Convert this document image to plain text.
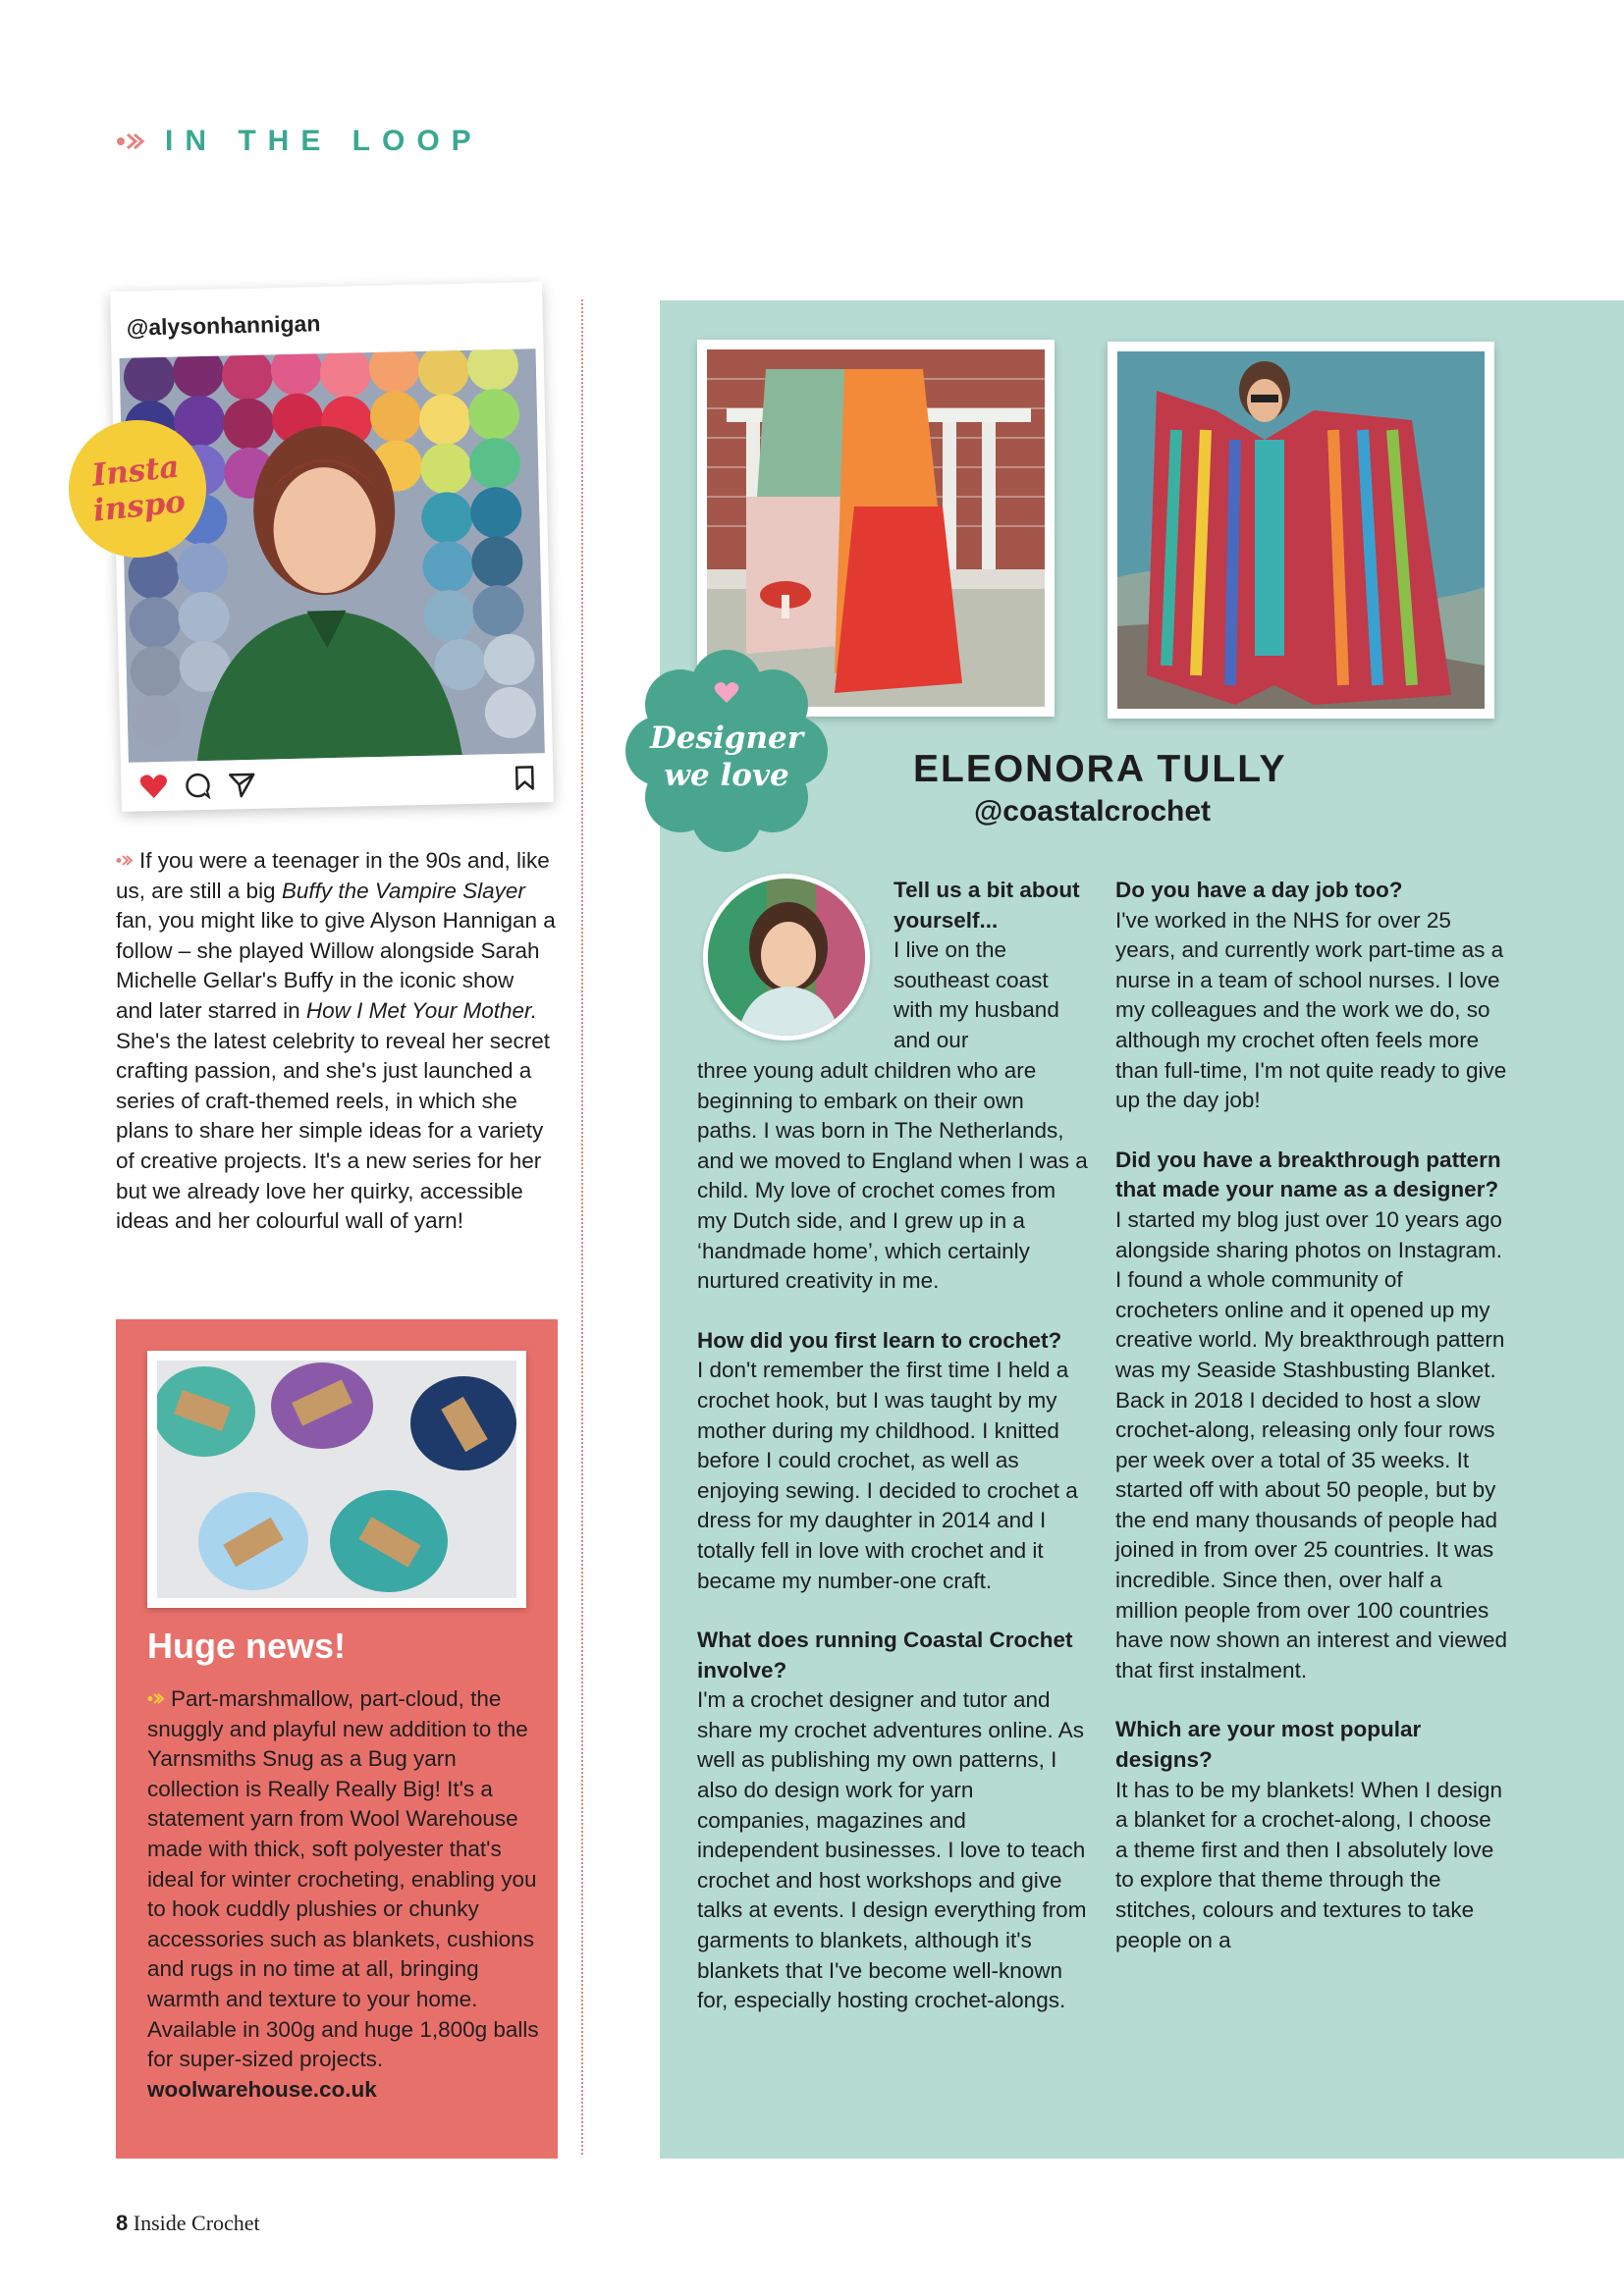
IN THE LOOP
@alysonhannigan
Insta
inspo
If you were a teenager in the 90s and, like us, are still a big Buffy the Vampire Slayer fan, you might like to give Alyson Hannigan a follow – she played Willow alongside Sarah Michelle Gellar's Buffy in the iconic show and later starred in How I Met Your Mother. She's the latest celebrity to reveal her secret crafting passion, and she's just launched a series of craft-themed reels, in which she plans to share her simple ideas for a variety of creative projects. It's a new series for her but we already love her quirky, accessible ideas and her colourful wall of yarn!
Huge news!
Part-marshmallow, part-cloud, the snuggly and playful new addition to the Yarnsmiths Snug as a Bug yarn collection is Really Really Big! It's a statement yarn from Wool Warehouse made with thick, soft polyester that's ideal for winter crocheting, enabling you to hook cuddly plushies or chunky accessories such as blankets, cushions and rugs in no time at all, bringing warmth and texture to your home. Available in 300g and huge 1,800g balls for super-sized projects.
woolwarehouse.co.uk
Designer
we love	ELEONORA TULLY
@coastalcrochet
Tell us a bit about yourself...
I live on the southeast coast with my husband and our
three young adult children who are beginning to embark on their own paths. I was born in The Netherlands, and we moved to England when I was a child. My love of crochet comes from my Dutch side, and I grew up in a ‘handmade home’, which certainly nurtured creativity in me.
How did you first learn to crochet?
I don't remember the first time I held a crochet hook, but I was taught by my mother during my childhood. I knitted before I could crochet, as well as enjoying sewing. I decided to crochet a dress for my daughter in 2014 and I totally fell in love with crochet and it became my number-one craft.
What does running Coastal Crochet involve?
I'm a crochet designer and tutor and share my crochet adventures online. As well as publishing my own patterns, I also do design work for yarn companies, magazines and independent businesses. I love to teach crochet and host workshops and give talks at events. I design everything from garments to blankets, although it's blankets that I've become well-known for, especially hosting crochet-alongs.
Do you have a day job too?
I've worked in the NHS for over 25 years, and currently work part-time as a nurse in a team of school nurses. I love my colleagues and the work we do, so although my crochet often feels more than full-time, I'm not quite ready to give up the day job!
Did you have a breakthrough pattern that made your name as a designer?
I started my blog just over 10 years ago alongside sharing photos on Instagram. I found a whole community of crocheters online and it opened up my creative world. My breakthrough pattern was my Seaside Stashbusting Blanket. Back in 2018 I decided to host a slow crochet-along, releasing only four rows per week over a total of 35 weeks. It started off with about 50 people, but by the end many thousands of people had joined in from over 25 countries. It was incredible. Since then, over half a million people from over 100 countries have now shown an interest and viewed that first instalment.
Which are your most popular designs?
It has to be my blankets! When I design a blanket for a crochet-along, I choose a theme first and then I absolutely love to explore that theme through the stitches, colours and textures to take people on a
8 Inside Crochet
